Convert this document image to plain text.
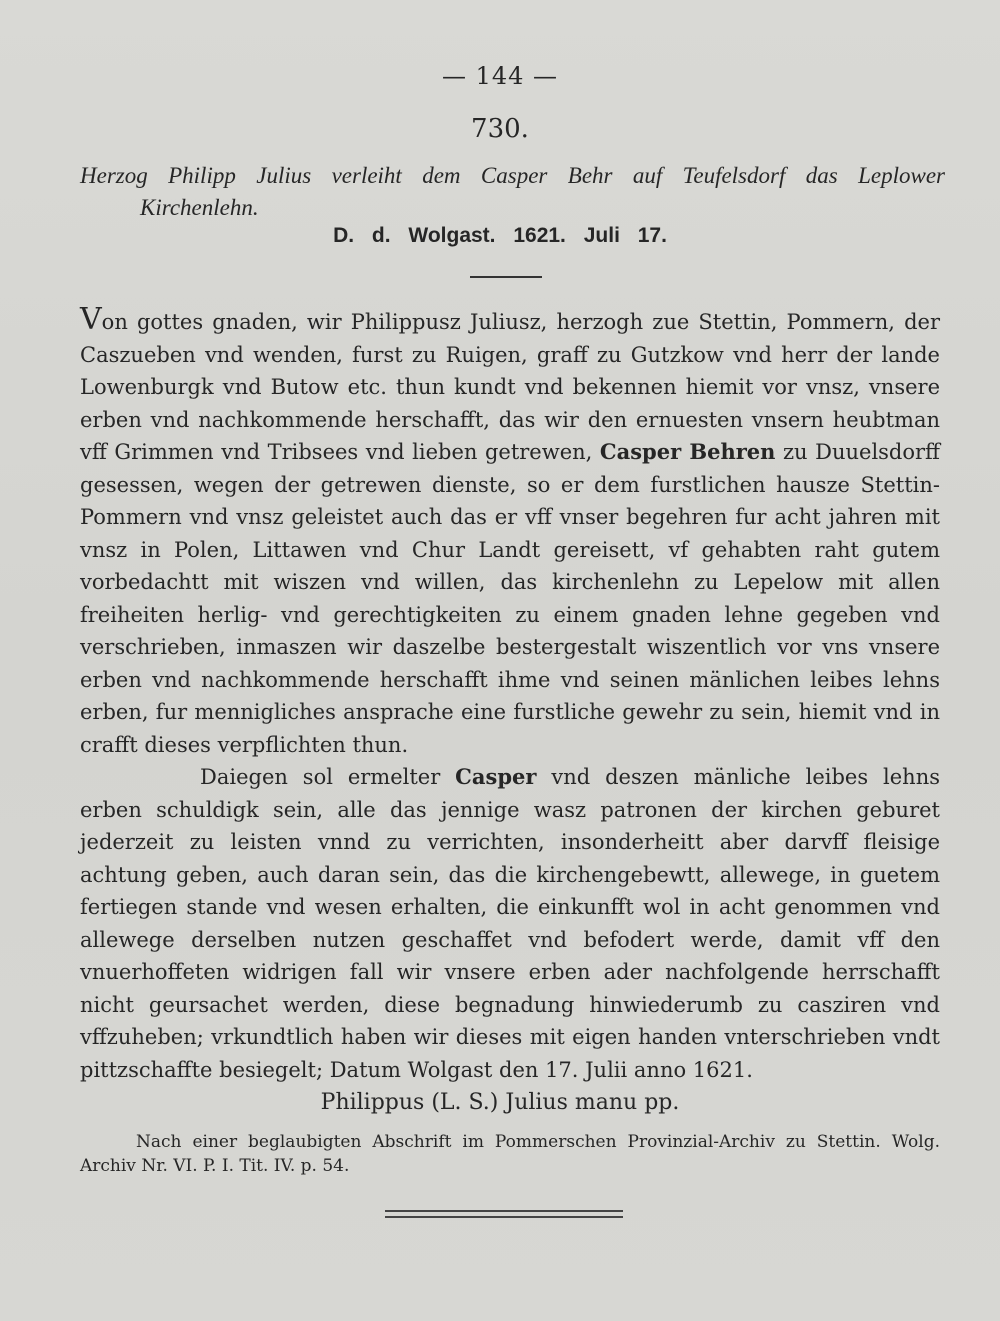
— 144 —
730.
Herzog Philipp Julius verleiht dem Casper Behr auf Teufelsdorf das Leplower
Kirchenlehn.
D. d. Wolgast. 1621. Juli 17.

Von gottes gnaden, wir Philippusz Juliusz, herzogh zue Stettin, Pommern, der Caszueben vnd wenden, furst zu Ruigen, graff zu Gutzkow vnd herr der lande Lowenburgk vnd Butow etc. thun kundt vnd bekennen hiemit vor vnsz, vnsere erben vnd nachkommende herschafft, das wir den ernuesten vnsern heubtman vff Grimmen vnd Tribsees vnd lieben getrewen, Casper Behren zu Duuelsdorff gesessen, wegen der getrewen dienste, so er dem furstlichen hausze Stettin-Pommern vnd vnsz geleistet auch das er vff vnser begehren fur acht jahren mit vnsz in Polen, Littawen vnd Chur Landt gereisett, vf gehabten raht gutem vorbedachtt mit wiszen vnd willen, das kirchenlehn zu Lepelow mit allen freiheiten herlig- vnd gerechtigkeiten zu einem gnaden lehne gegeben vnd verschrieben, inmaszen wir daszelbe bestergestalt wiszentlich vor vns vnsere erben vnd nachkommende herschafft ihme vnd seinen mänlichen leibes lehns erben, fur mennigliches ansprache eine furstliche gewehr zu sein, hiemit vnd in crafft dieses verpflichten thun.

Daiegen sol ermelter Casper vnd deszen mänliche leibes lehns erben schuldigk sein, alle das jennige wasz patronen der kirchen geburet jederzeit zu leisten vnnd zu verrichten, insonderheitt aber darvff fleisige achtung geben, auch daran sein, das die kirchengebewtt, allewege, in guetem fertiegen stande vnd wesen erhalten, die einkunfft wol in acht genommen vnd allewege derselben nutzen geschaffet vnd befodert werde, damit vff den vnuerhoffeten widrigen fall wir vnsere erben ader nachfolgende herrschafft nicht geursachet werden, diese begnadung hinwiederumb zu casziren vnd vffzuheben; vrkundtlich haben wir dieses mit eigen handen vnterschrieben vndt pittzschaffte besiegelt; Datum Wolgast den 17. Julii anno 1621.

Philippus (L. S.) Julius manu pp.
Nach einer beglaubigten Abschrift im Pommerschen Provinzial-Archiv zu Stettin. Wolg. Archiv Nr. VI. P. I. Tit. IV. p. 54.
